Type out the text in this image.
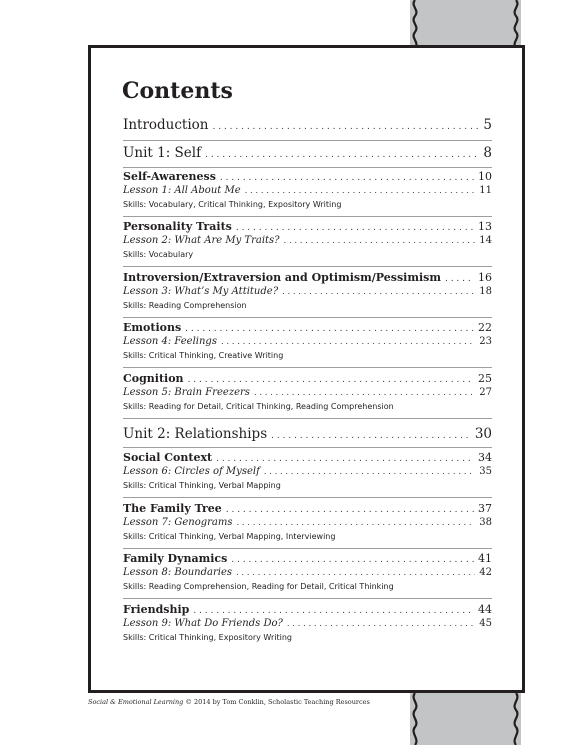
Contents
Introduction . . .	5
Unit 1: Self . . .	8
Self-Awareness . . .	10
Lesson 1: All About Me . . .	11
Skills: Vocabulary, Critical Thinking, Expository Writing
Personality Traits . . .	13
Lesson 2: What Are My Traits? . . .	14
Skills: Vocabulary
Introversion/Extraversion and Optimism/Pessimism . . .	16
Lesson 3: What’s My Attitude? . . .	18
Skills: Reading Comprehension
Emotions . . .	22
Lesson 4: Feelings . . .	23
Skills: Critical Thinking, Creative Writing
Cognition . . .	25
Lesson 5: Brain Freezers . . .	27
Skills: Reading for Detail, Critical Thinking, Reading Comprehension
Unit 2: Relationships . . .	30
Social Context . . .	34
Lesson 6: Circles of Myself . . .	35
Skills: Critical Thinking, Verbal Mapping
The Family Tree . . .	37
Lesson 7: Genograms . . .	38
Skills: Critical Thinking, Verbal Mapping, Interviewing
Family Dynamics . . .	41
Lesson 8: Boundaries . . .	42
Skills: Reading Comprehension, Reading for Detail, Critical Thinking
Friendship . . .	44
Lesson 9: What Do Friends Do? . . .	45
Skills: Critical Thinking, Expository Writing
Social & Emotional Learning © 2014 by Tom Conklin, Scholastic Teaching Resources
